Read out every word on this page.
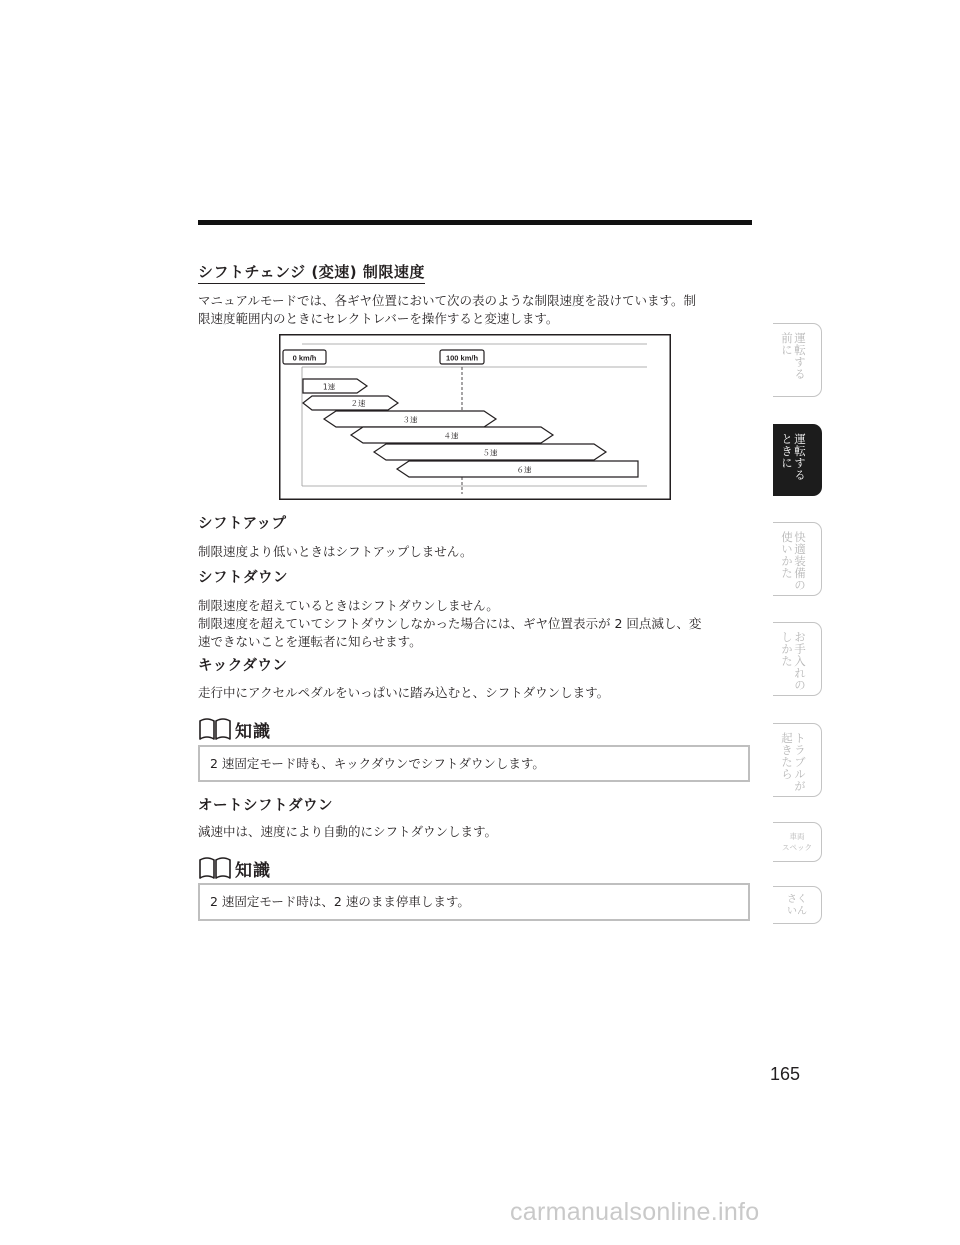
シフトチェンジ (変速) 制限速度

マニュアルモードでは、各ギヤ位置において次の表のような制限速度を設けています。制
限速度範囲内のときにセレクトレバーを操作すると変速します。

0 km/h	100 km/h
1速
２速
３速
４速
５速
６速
シフトアップ

制限速度より低いときはシフトアップしません。

シフトダウン

制限速度を超えているときはシフトダウンしません。
制限速度を超えていてシフトダウンしなかった場合には、ギヤ位置表示が 2 回点滅し、変
速できないことを運転者に知らせます。

キックダウン

走行中にアクセルペダルをいっぱいに踏み込むと、シフトダウンします。

知識
2 速固定モード時も、キックダウンでシフトダウンします。
オートシフトダウン

減速中は、速度により自動的にシフトダウンします。

知識
2 速固定モード時は、2 速のまま停車します。
前に 運転する
ときに 運転する
使いかた 快適装備の
しかた お手入れの
起きたら トラブルが
車両
スペック
さく
いん
165
carmanualsonline.info
